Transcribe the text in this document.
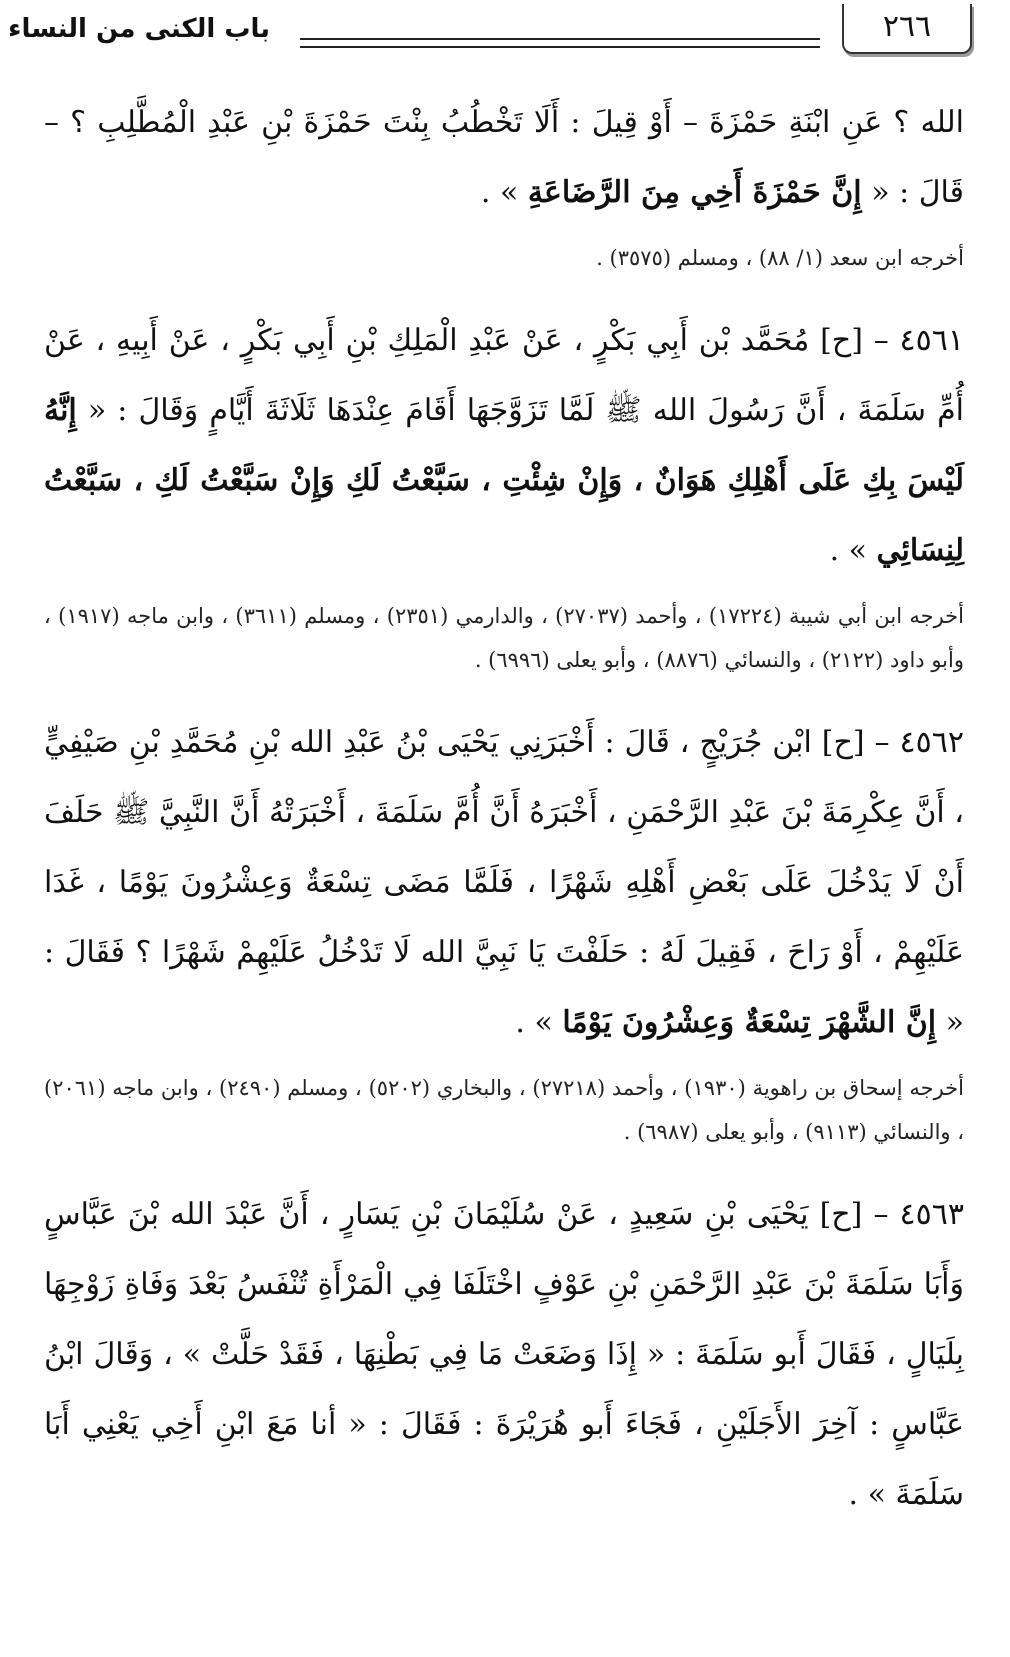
٢٦٦
باب الكنى من النساء

الله ؟ عَنِ ابْنَةِ حَمْزَةَ – أَوْ قِيلَ : أَلَا تَخْطُبُ بِنْتَ حَمْزَةَ بْنِ عَبْدِ الْمُطَّلِبِ ؟ – قَالَ : « إِنَّ حَمْزَةَ أَخِي مِنَ الرَّضَاعَةِ » .

أخرجه ابن سعد (١/ ٨٨) ، ومسلم (٣٥٧٥) .

٤٥٦١ – [ح] مُحَمَّد بْن أَبِي بَكْرٍ ، عَنْ عَبْدِ الْمَلِكِ بْنِ أَبِي بَكْرٍ ، عَنْ أَبِيهِ ، عَنْ أُمِّ سَلَمَةَ ، أَنَّ رَسُولَ الله ﷺ لَمَّا تَزَوَّجَهَا أَقَامَ عِنْدَهَا ثَلَاثَةَ أَيَّامٍ وَقَالَ : « إِنَّهُ لَيْسَ بِكِ عَلَى أَهْلِكِ هَوَانٌ ، وَإِنْ شِئْتِ ، سَبَّعْتُ لَكِ وَإِنْ سَبَّعْتُ لَكِ ، سَبَّعْتُ لِنِسَائِي » .

أخرجه ابن أبي شيبة (١٧٢٢٤) ، وأحمد (٢٧٠٣٧) ، والدارمي (٢٣٥١) ، ومسلم (٣٦١١) ، وابن ماجه (١٩١٧) ، وأبو داود (٢١٢٢) ، والنسائي (٨٨٧٦) ، وأبو يعلى (٦٩٩٦) .

٤٥٦٢ – [ح] ابْن جُرَيْجٍ ، قَالَ : أَخْبَرَنِي يَحْيَى بْنُ عَبْدِ الله بْنِ مُحَمَّدِ بْنِ صَيْفِيٍّ ، أَنَّ عِكْرِمَةَ بْنَ عَبْدِ الرَّحْمَنِ ، أَخْبَرَهُ أَنَّ أُمَّ سَلَمَةَ ، أَخْبَرَتْهُ أَنَّ النَّبِيَّ ﷺ حَلَفَ أَنْ لَا يَدْخُلَ عَلَى بَعْضِ أَهْلِهِ شَهْرًا ، فَلَمَّا مَضَى تِسْعَةٌ وَعِشْرُونَ يَوْمًا ، غَدَا عَلَيْهِمْ ، أَوْ رَاحَ ، فَقِيلَ لَهُ : حَلَفْتَ يَا نَبِيَّ الله لَا تَدْخُلُ عَلَيْهِمْ شَهْرًا ؟ فَقَالَ : « إِنَّ الشَّهْرَ تِسْعَةٌ وَعِشْرُونَ يَوْمًا » .

أخرجه إسحاق بن راهوية (١٩٣٠) ، وأحمد (٢٧٢١٨) ، والبخاري (٥٢٠٢) ، ومسلم (٢٤٩٠) ، وابن ماجه (٢٠٦١) ، والنسائي (٩١١٣) ، وأبو يعلى (٦٩٨٧) .

٤٥٦٣ – [ح] يَحْيَى بْنِ سَعِيدٍ ، عَنْ سُلَيْمَانَ بْنِ يَسَارٍ ، أَنَّ عَبْدَ الله بْنَ عَبَّاسٍ وَأَبَا سَلَمَةَ بْنَ عَبْدِ الرَّحْمَنِ بْنِ عَوْفٍ اخْتَلَفَا فِي الْمَرْأَةِ تُنْفَسُ بَعْدَ وَفَاةِ زَوْجِهَا بِلَيَالٍ ، فَقَالَ أَبو سَلَمَةَ : « إِذَا وَضَعَتْ مَا فِي بَطْنِهَا ، فَقَدْ حَلَّتْ » ، وَقَالَ ابْنُ عَبَّاسٍ : آخِرَ الأَجَلَيْنِ ، فَجَاءَ أَبو هُرَيْرَةَ : فَقَالَ : « أنا مَعَ ابْنِ أَخِي يَعْنِي أَبَا سَلَمَةَ » .
